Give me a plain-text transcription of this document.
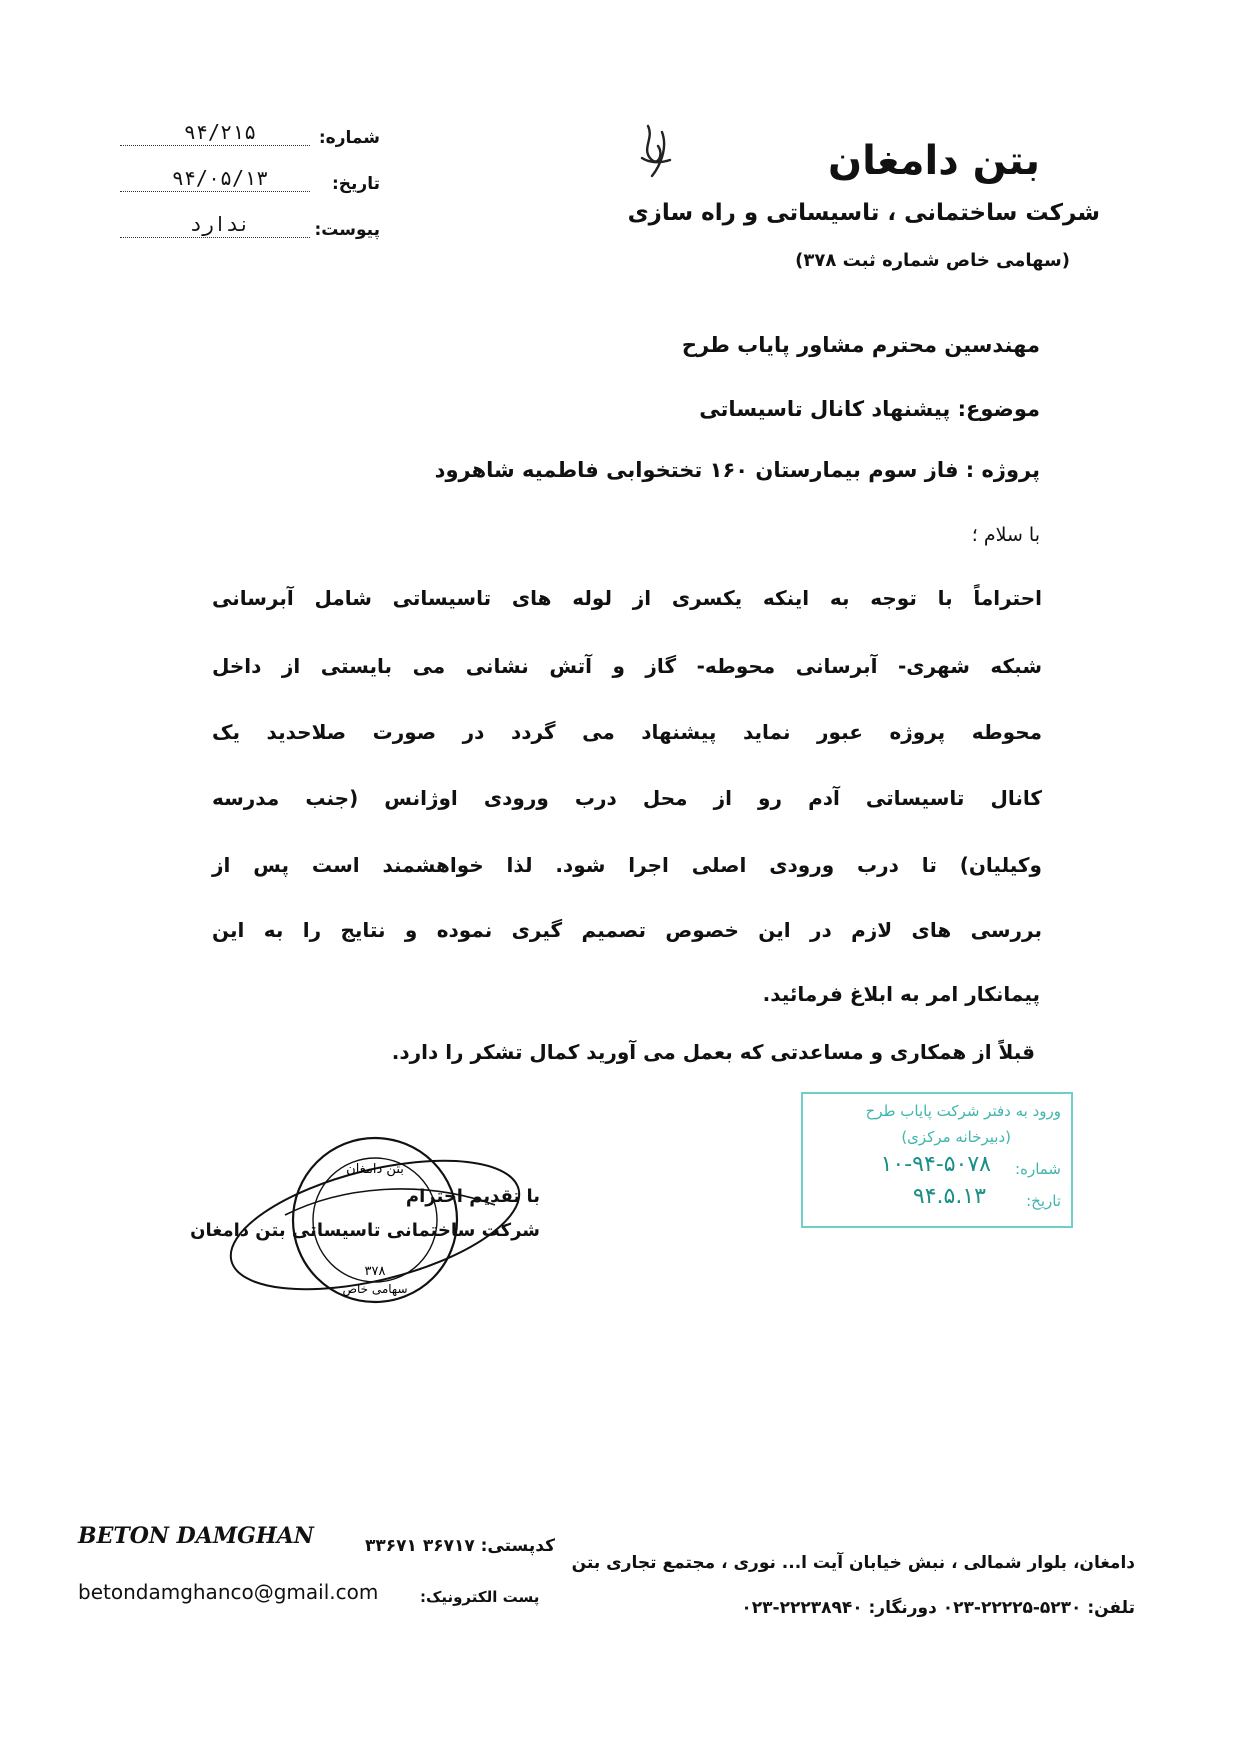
بتن دامغان
شرکت ساختمانی ، تاسیساتی و راه سازی
(سهامی خاص شماره ثبت ۳۷۸)
شماره:
۹۴/۲۱۵
تاریخ:
۹۴/۰۵/۱۳
پیوست:
ندارد
مهندسین محترم مشاور پایاب طرح
موضوع: پیشنهاد کانال تاسیساتی
پروژه : فاز سوم بیمارستان ۱۶۰ تختخوابی فاطمیه شاهرود
با سلام ؛
احتراماً با توجه به اینکه یکسری از لوله های تاسیساتی شامل آبرسانی
شبکه شهری- آبرسانی محوطه- گاز و آتش نشانی می بایستی از داخل
محوطه پروژه عبور نماید پیشنهاد می گردد در صورت صلاحدید یک
کانال تاسیساتی آدم رو از محل درب ورودی اوژانس (جنب مدرسه
وکیلیان) تا درب ورودی اصلی اجرا شود. لذا خواهشمند است پس از
بررسی های لازم در این خصوص تصمیم گیری نموده و نتایج را به این
پیمانکار امر به ابلاغ فرمائید.
قبلاً از همکاری و مساعدتی که بعمل می آورید کمال تشکر را دارد.
ورود به دفتر شرکت پایاب طرح
(دبیرخانه مرکزی)
شماره:
۱۰-۹۴-۵۰۷۸
تاریخ:
۹۴.۵.۱۳
بتن دامغان
۳۷۸
سهامی خاص
با تقدیم احترام
شرکت ساختمانی تاسیساتی بتن دامغان
BETON DAMGHAN	کدپستی: ۳۶۷۱۷ ۳۳۶۷۱
دامغان، بلوار شمالی ، نبش خیابان آیت ا... نوری ، مجتمع تجاری بتن
betondamghanco@gmail.com	پست الکترونیک:
تلفن: ۵۲۳۰-۲۲۲۲۵-۰۲۳ دورنگار: ۲۲۲۳۸۹۴۰-۰۲۳
